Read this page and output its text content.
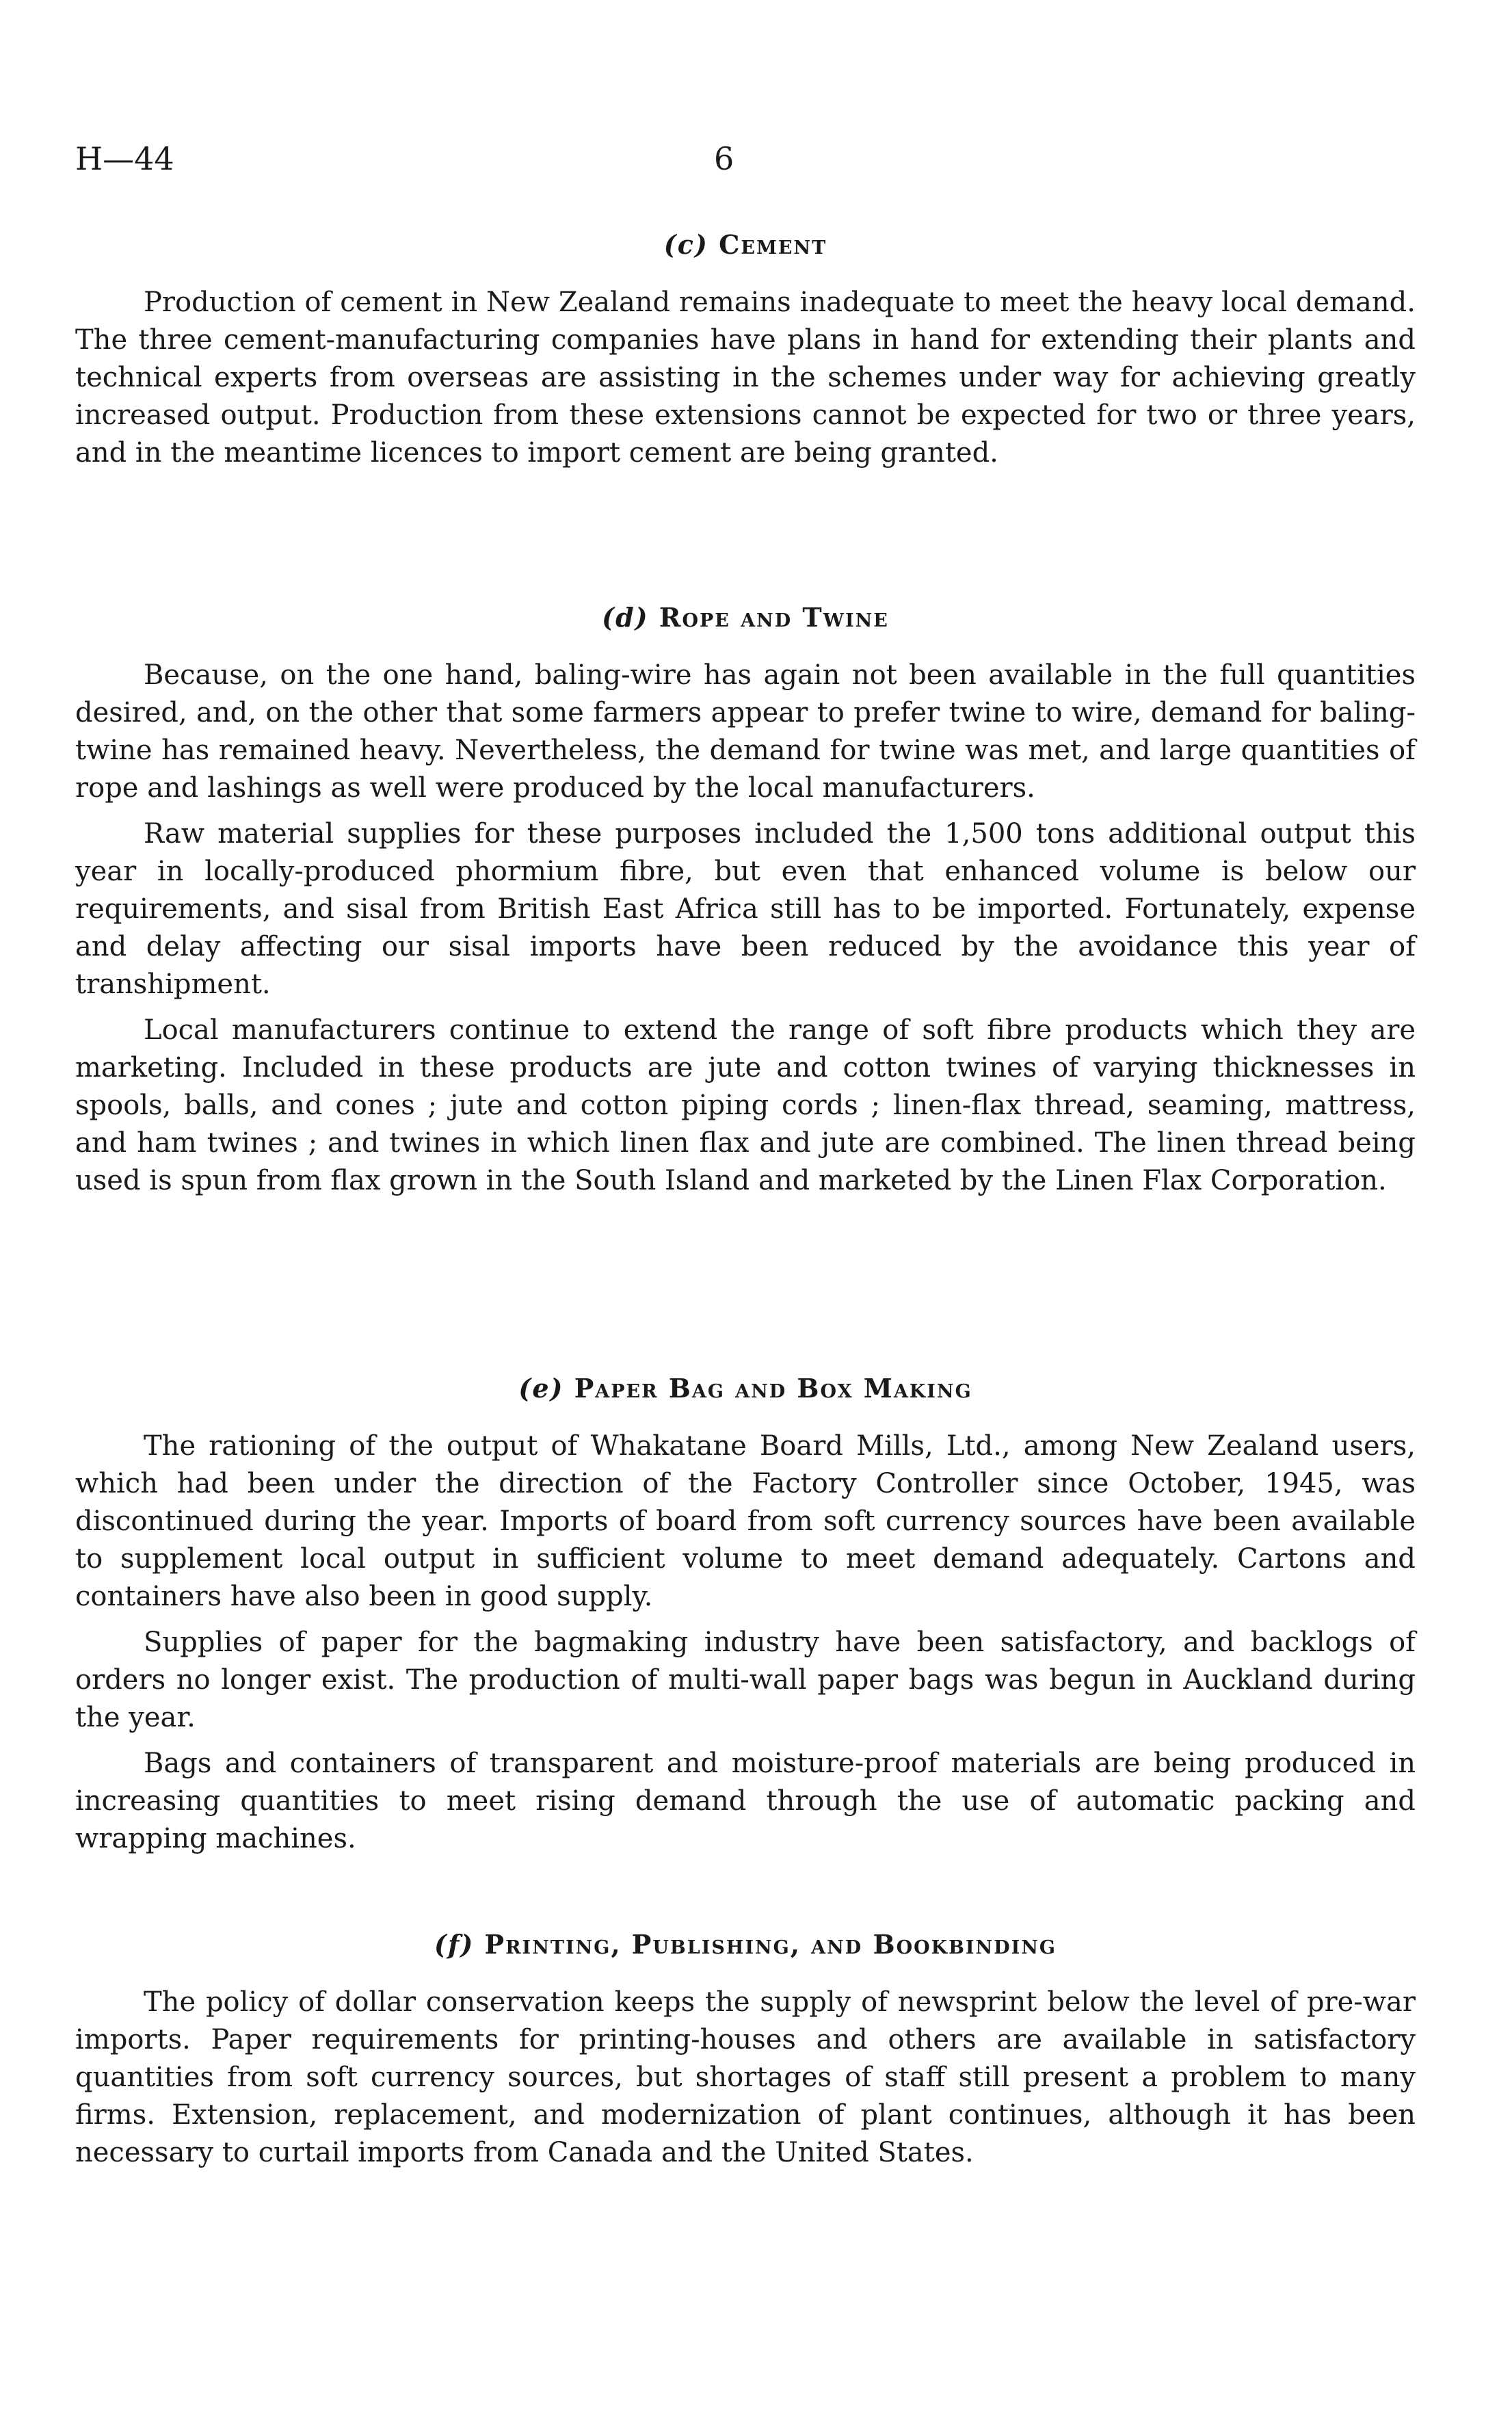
H—44	6
(c) Cement

Production of cement in New Zealand remains inadequate to meet the heavy local demand. The three cement-manufacturing companies have plans in hand for extending their plants and technical experts from overseas are assisting in the schemes under way for achieving greatly increased output. Production from these extensions cannot be expected for two or three years, and in the meantime licences to import cement are being granted.

(d) Rope and Twine

Because, on the one hand, baling-wire has again not been available in the full quantities desired, and, on the other that some farmers appear to prefer twine to wire, demand for baling-twine has remained heavy. Nevertheless, the demand for twine was met, and large quantities of rope and lashings as well were produced by the local manufacturers.

Raw material supplies for these purposes included the 1,500 tons additional output this year in locally-produced phormium fibre, but even that enhanced volume is below our requirements, and sisal from British East Africa still has to be imported. Fortunately, expense and delay affecting our sisal imports have been reduced by the avoidance this year of transhipment.

Local manufacturers continue to extend the range of soft fibre products which they are marketing. Included in these products are jute and cotton twines of varying thicknesses in spools, balls, and cones ; jute and cotton piping cords ; linen-flax thread, seaming, mattress, and ham twines ; and twines in which linen flax and jute are combined. The linen thread being used is spun from flax grown in the South Island and marketed by the Linen Flax Corporation.

(e) Paper Bag and Box Making

The rationing of the output of Whakatane Board Mills, Ltd., among New Zealand users, which had been under the direction of the Factory Controller since October, 1945, was discontinued during the year. Imports of board from soft currency sources have been available to supplement local output in sufficient volume to meet demand adequately. Cartons and containers have also been in good supply.

Supplies of paper for the bagmaking industry have been satisfactory, and backlogs of orders no longer exist. The production of multi-wall paper bags was begun in Auckland during the year.

Bags and containers of transparent and moisture-proof materials are being produced in increasing quantities to meet rising demand through the use of automatic packing and wrapping machines.

(f) Printing, Publishing, and Bookbinding

The policy of dollar conservation keeps the supply of newsprint below the level of pre-war imports. Paper requirements for printing-houses and others are available in satisfactory quantities from soft currency sources, but shortages of staff still present a problem to many firms. Extension, replacement, and modernization of plant continues, although it has been necessary to curtail imports from Canada and the United States.
